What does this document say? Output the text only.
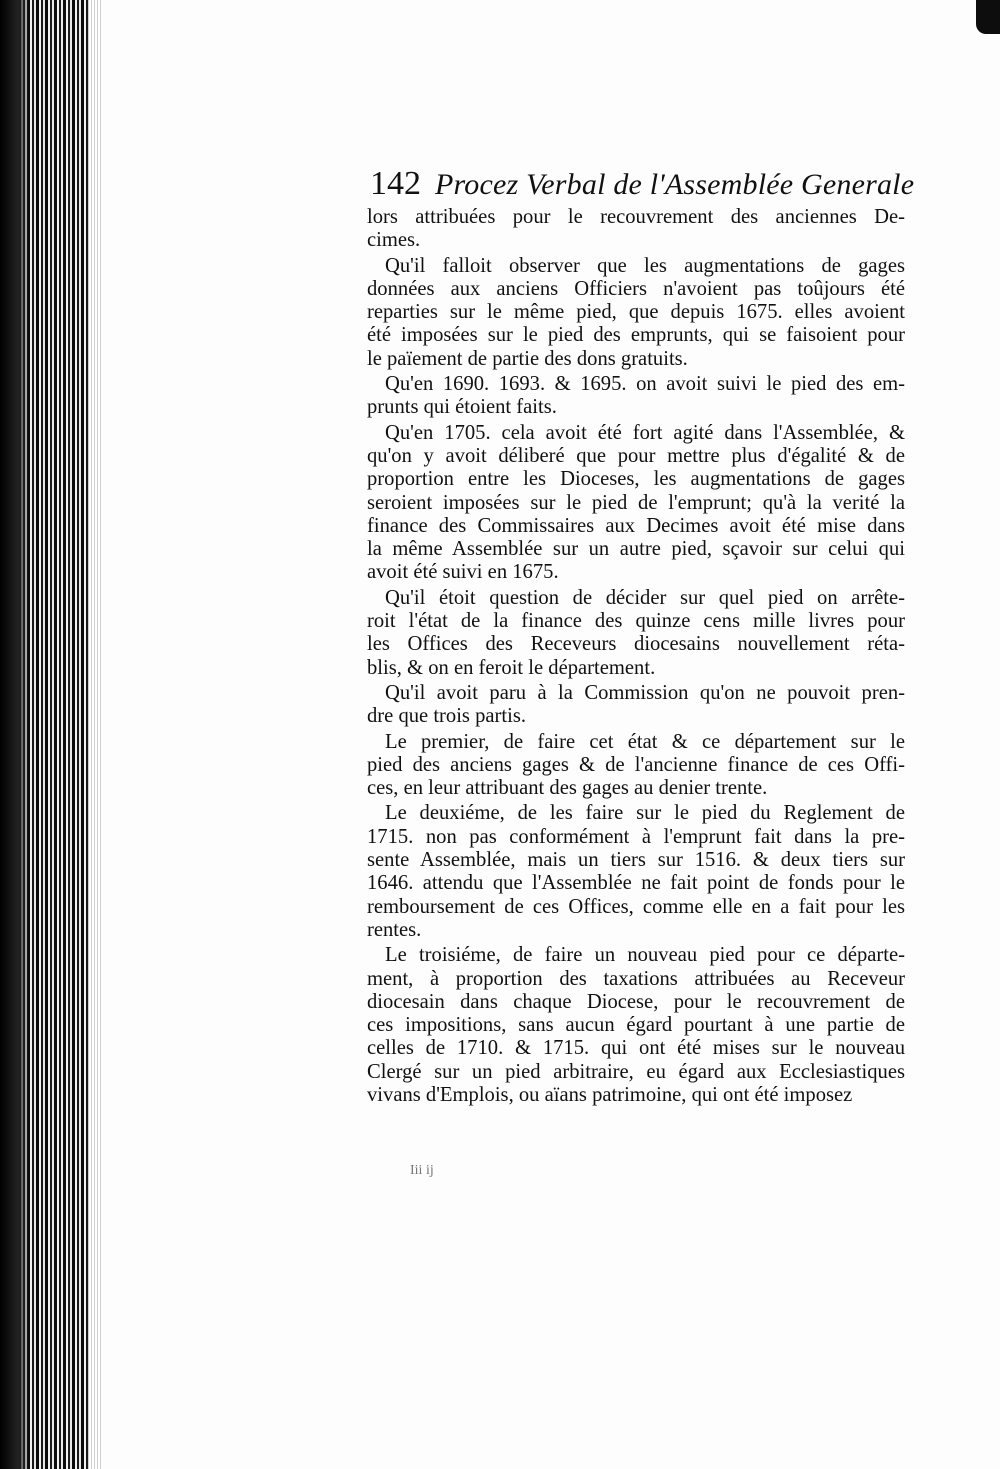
142 Procez Verbal de l'Assemblée Generale
lors attribuées pour le recouvrement des anciennes De-
cimes.
Qu'il falloit observer que les augmentations de gages
données aux anciens Officiers n'avoient pas toûjours été
reparties sur le même pied, que depuis 1675. elles avoient
été imposées sur le pied des emprunts, qui se faisoient pour
le païement de partie des dons gratuits.
Qu'en 1690. 1693. & 1695. on avoit suivi le pied des em-
prunts qui étoient faits.
Qu'en 1705. cela avoit été fort agité dans l'Assemblée, &
qu'on y avoit déliberé que pour mettre plus d'égalité & de
proportion entre les Dioceses, les augmentations de gages
seroient imposées sur le pied de l'emprunt; qu'à la verité la
finance des Commissaires aux Decimes avoit été mise dans
la même Assemblée sur un autre pied, sçavoir sur celui qui
avoit été suivi en 1675.
Qu'il étoit question de décider sur quel pied on arrête-
roit l'état de la finance des quinze cens mille livres pour
les Offices des Receveurs diocesains nouvellement réta-
blis, & on en feroit le département.
Qu'il avoit paru à la Commission qu'on ne pouvoit pren-
dre que trois partis.
Le premier, de faire cet état & ce département sur le
pied des anciens gages & de l'ancienne finance de ces Offi-
ces, en leur attribuant des gages au denier trente.
Le deuxiéme, de les faire sur le pied du Reglement de
1715. non pas conformément à l'emprunt fait dans la pre-
sente Assemblée, mais un tiers sur 1516. & deux tiers sur
1646. attendu que l'Assemblée ne fait point de fonds pour le
remboursement de ces Offices, comme elle en a fait pour les
rentes.
Le troisiéme, de faire un nouveau pied pour ce départe-
ment, à proportion des taxations attribuées au Receveur
diocesain dans chaque Diocese, pour le recouvrement de
ces impositions, sans aucun égard pourtant à une partie de
celles de 1710. & 1715. qui ont été mises sur le nouveau
Clergé sur un pied arbitraire, eu égard aux Ecclesiastiques
vivans d'Emplois, ou aïans patrimoine, qui ont été imposez
Iii ij
